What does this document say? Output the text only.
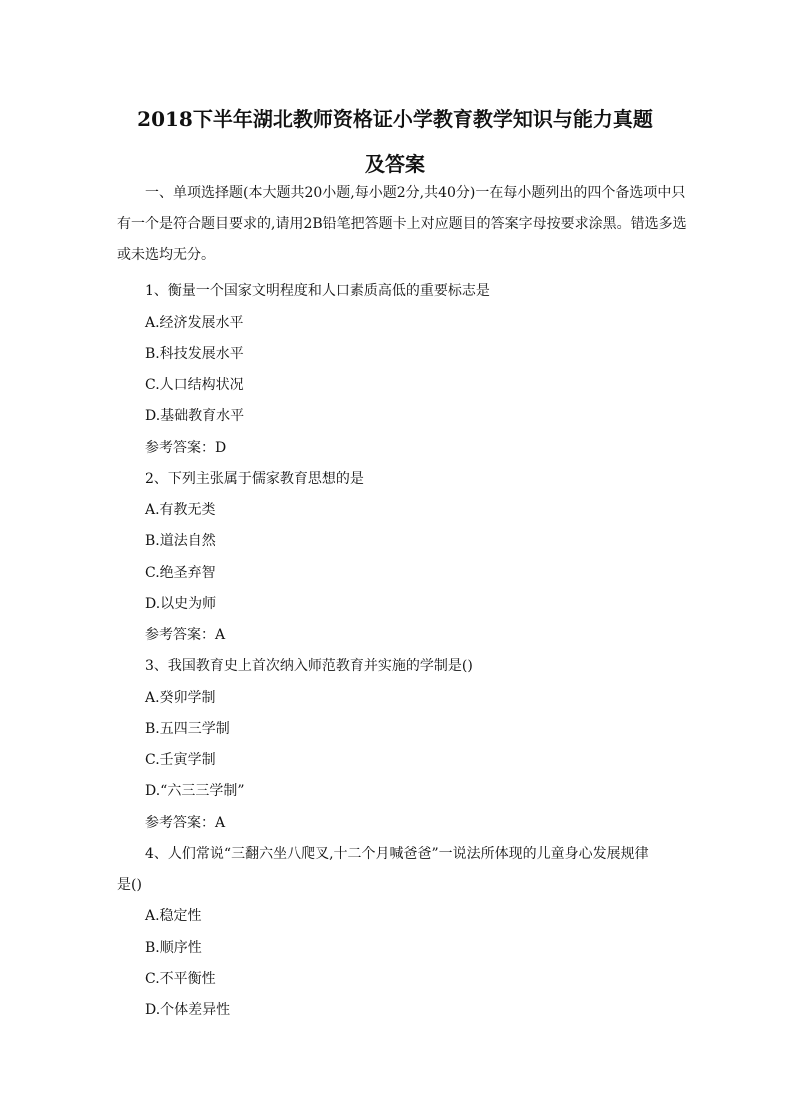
2018下半年湖北教师资格证小学教育教学知识与能力真题
及答案
一、单项选择题(本大题共20小题,每小题2分,共40分)一在每小题列出的四个备选项中只有一个是符合题目要求的,请用2B铅笔把答题卡上对应题目的答案字母按要求涂黑。错选多选或未选均无分。
1、衡量一个国家文明程度和人口素质高低的重要标志是
A.经济发展水平
B.科技发展水平
C.人口结构状况
D.基础教育水平
参考答案：D
2、下列主张属于儒家教育思想的是
A.有教无类
B.道法自然
C.绝圣弃智
D.以史为师
参考答案：A
3、我国教育史上首次纳入师范教育并实施的学制是()
A.癸卯学制
B.五四三学制
C.壬寅学制
D.“六三三学制”
参考答案：A
4、人们常说“三翻六坐八爬叉,十二个月喊爸爸”一说法所体现的儿童身心发展规律
是()
A.稳定性
B.顺序性
C.不平衡性
D.个体差异性
